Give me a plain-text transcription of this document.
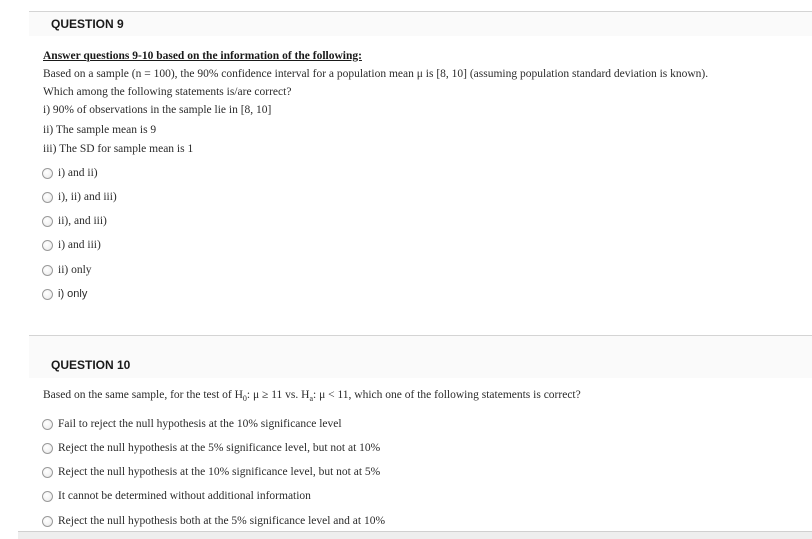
QUESTION 9
Answer questions 9-10 based on the information of the following:
Based on a sample (n = 100), the 90% confidence interval for a population mean μ is [8, 10] (assuming population standard deviation is known).
Which among the following statements is/are correct?
i) 90% of observations in the sample lie in [8, 10]
ii) The sample mean is 9
iii) The SD for sample mean is 1
i) and ii)
i), ii) and iii)
ii), and iii)
i) and iii)
ii) only
i) only
QUESTION 10
Based on the same sample, for the test of $H_0$: μ ≥ 11 vs. $H_a$: μ < 11, which one of the following statements is correct?
Fail to reject the null hypothesis at the 10% significance level
Reject the null hypothesis at the 5% significance level, but not at 10%
Reject the null hypothesis at the 10% significance level, but not at 5%
It cannot be determined without additional information
Reject the null hypothesis both at the 5% significance level and at 10%
